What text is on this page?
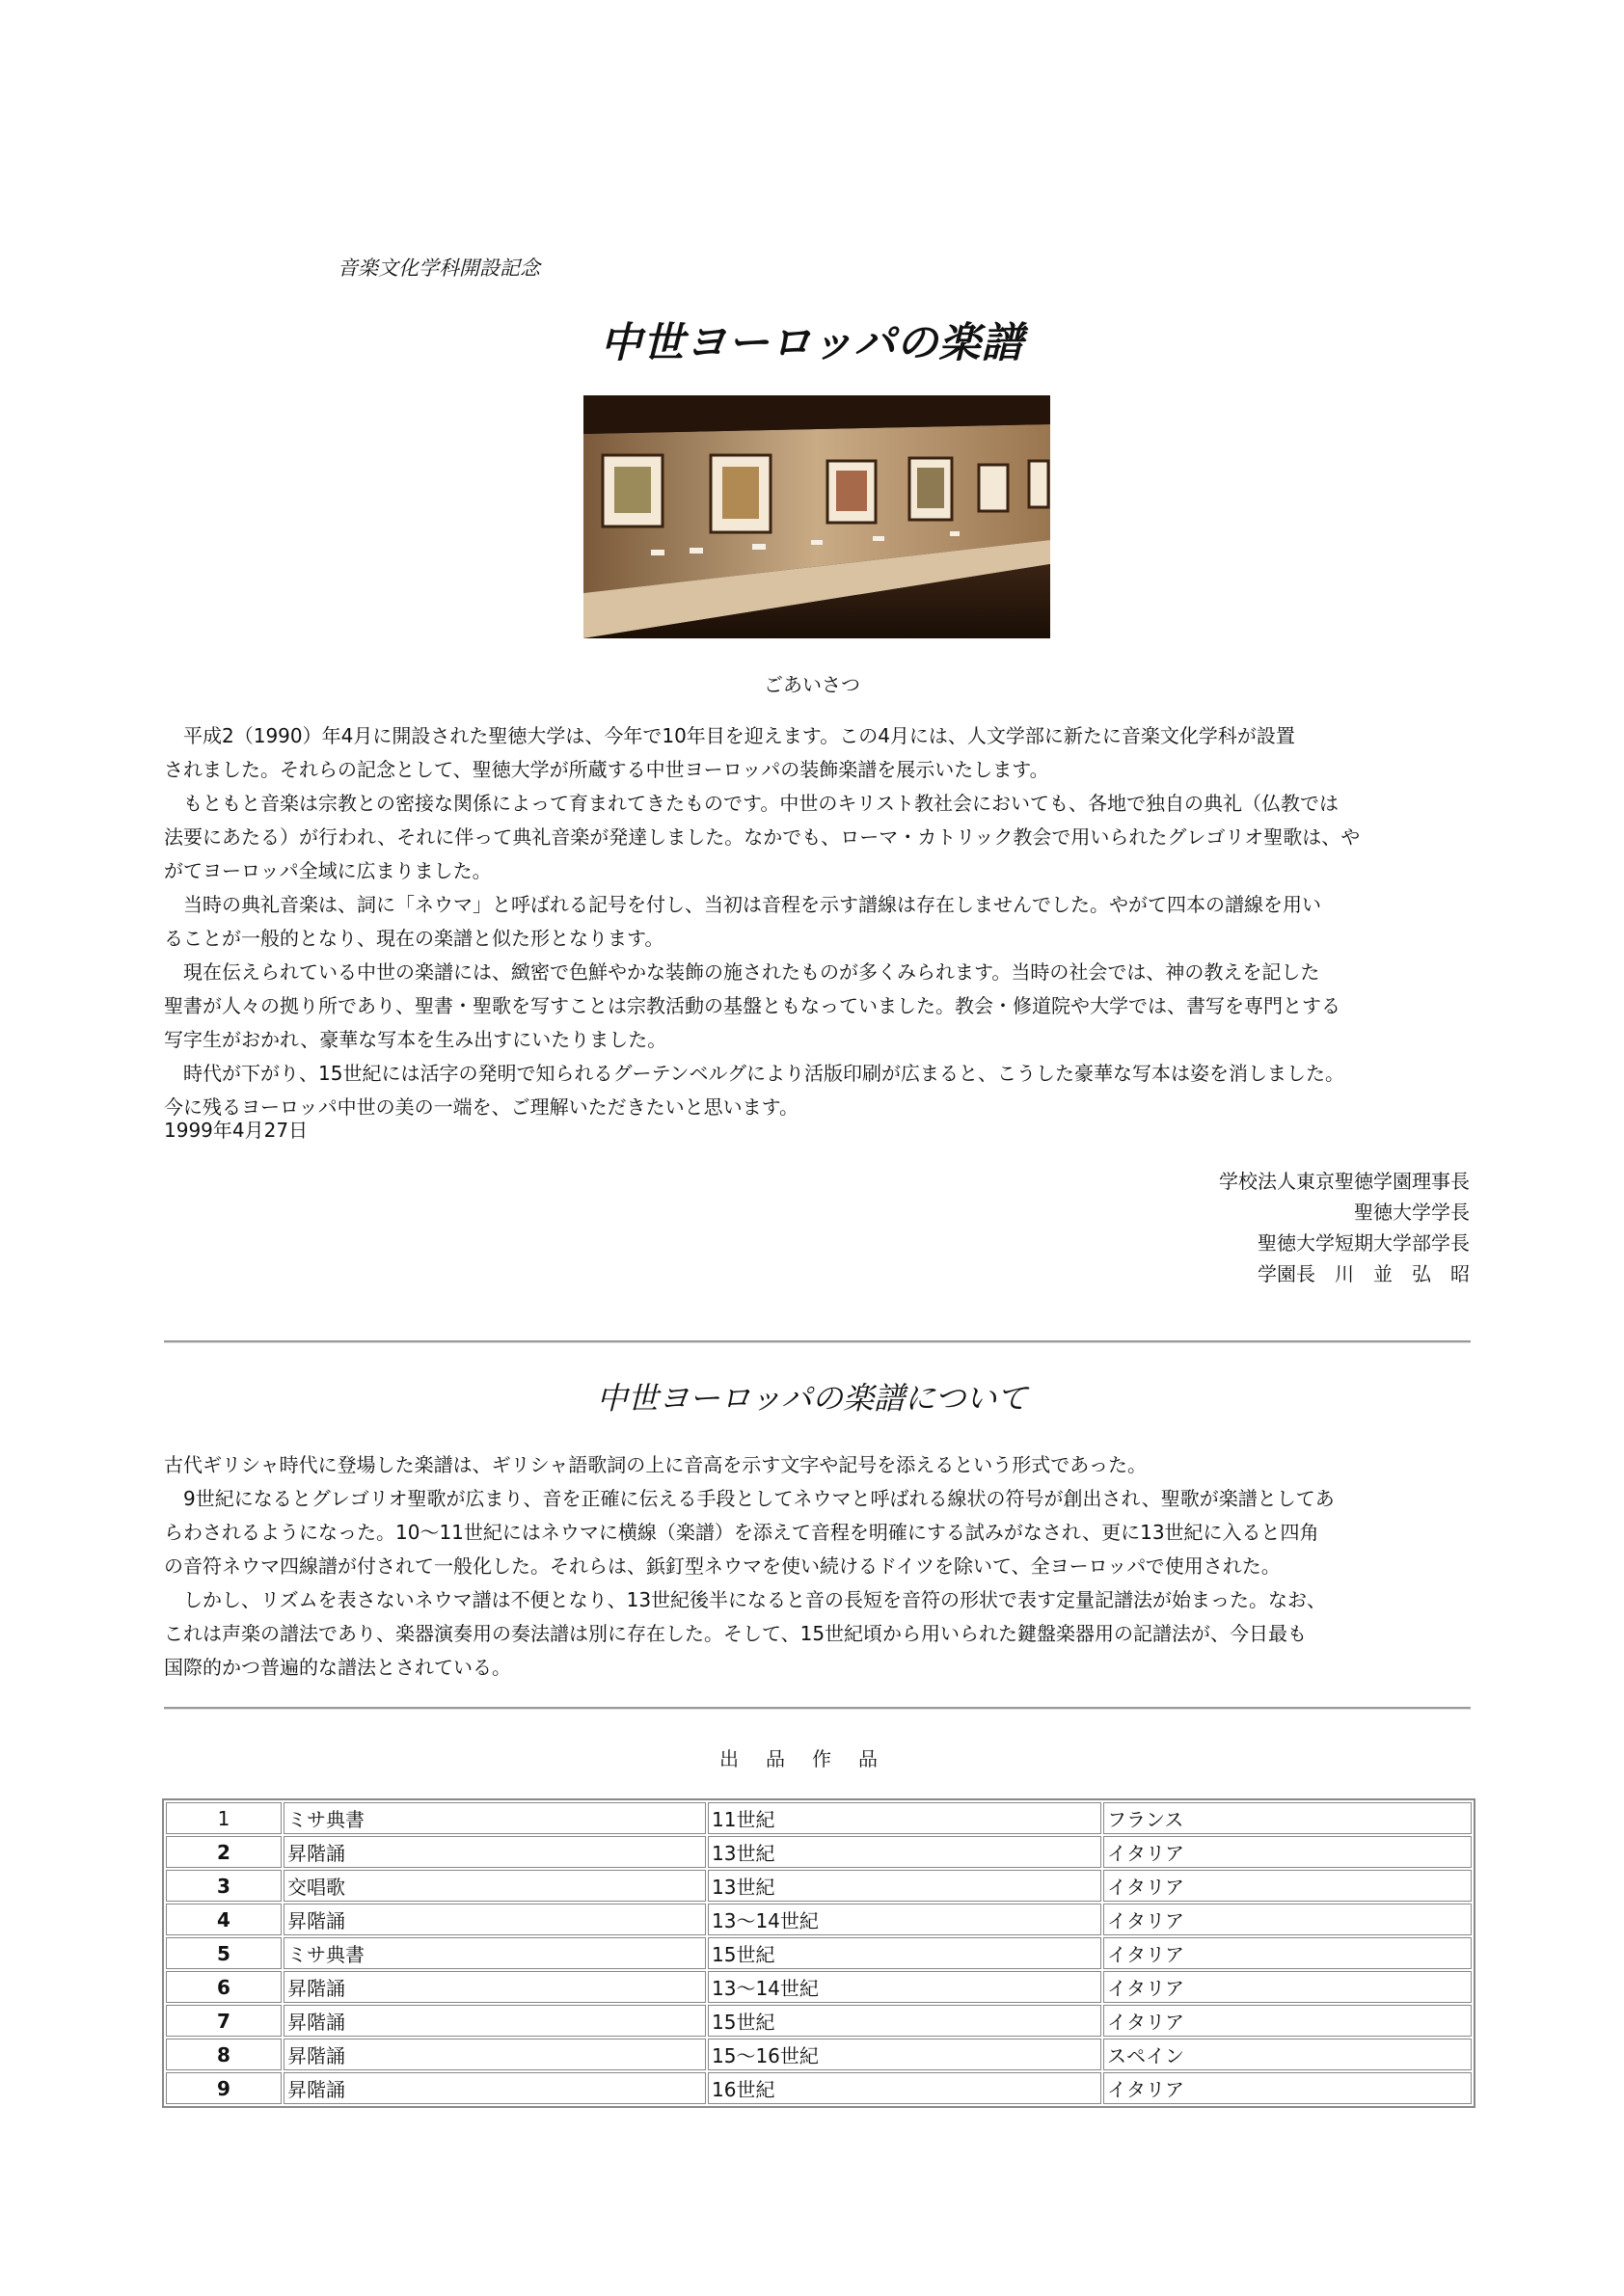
音楽文化学科開設記念
中世ヨーロッパの楽譜
ごあいさつ
　平成2（1990）年4月に開設された聖徳大学は、今年で10年目を迎えます。この4月には、人文学部に新たに音楽文化学科が設置
されました。それらの記念として、聖徳大学が所蔵する中世ヨーロッパの装飾楽譜を展示いたします。
　もともと音楽は宗教との密接な関係によって育まれてきたものです。中世のキリスト教社会においても、各地で独自の典礼（仏教では
法要にあたる）が行われ、それに伴って典礼音楽が発達しました。なかでも、ローマ・カトリック教会で用いられたグレゴリオ聖歌は、や
がてヨーロッパ全域に広まりました。
　当時の典礼音楽は、詞に「ネウマ」と呼ばれる記号を付し、当初は音程を示す譜線は存在しませんでした。やがて四本の譜線を用い
ることが一般的となり、現在の楽譜と似た形となります。
　現在伝えられている中世の楽譜には、緻密で色鮮やかな装飾の施されたものが多くみられます。当時の社会では、神の教えを記した
聖書が人々の拠り所であり、聖書・聖歌を写すことは宗教活動の基盤ともなっていました。教会・修道院や大学では、書写を専門とする
写字生がおかれ、豪華な写本を生み出すにいたりました。
　時代が下がり、15世紀には活字の発明で知られるグーテンベルグにより活版印刷が広まると、こうした豪華な写本は姿を消しました。
今に残るヨーロッパ中世の美の一端を、ご理解いただきたいと思います。
1999年4月27日
学校法人東京聖徳学園理事長
聖徳大学学長
聖徳大学短期大学部学長
学園長　川　並　弘　昭
中世ヨーロッパの楽譜について
古代ギリシャ時代に登場した楽譜は、ギリシャ語歌詞の上に音高を示す文字や記号を添えるという形式であった。
　9世紀になるとグレゴリオ聖歌が広まり、音を正確に伝える手段としてネウマと呼ばれる線状の符号が創出され、聖歌が楽譜としてあ
らわされるようになった。10～11世紀にはネウマに横線（楽譜）を添えて音程を明確にする試みがなされ、更に13世紀に入ると四角
の音符ネウマ四線譜が付されて一般化した。それらは、鋲釘型ネウマを使い続けるドイツを除いて、全ヨーロッパで使用された。
　しかし、リズムを表さないネウマ譜は不便となり、13世紀後半になると音の長短を音符の形状で表す定量記譜法が始まった。なお、
これは声楽の譜法であり、楽器演奏用の奏法譜は別に存在した。そして、15世紀頃から用いられた鍵盤楽器用の記譜法が、今日最も
国際的かつ普遍的な譜法とされている。
出品作品
1	ミサ典書	11世紀	フランス
2	昇階誦	13世紀	イタリア
3	交唱歌	13世紀	イタリア
4	昇階誦	13～14世紀	イタリア
5	ミサ典書	15世紀	イタリア
6	昇階誦	13～14世紀	イタリア
7	昇階誦	15世紀	イタリア
8	昇階誦	15～16世紀	スペイン
9	昇階誦	16世紀	イタリア
